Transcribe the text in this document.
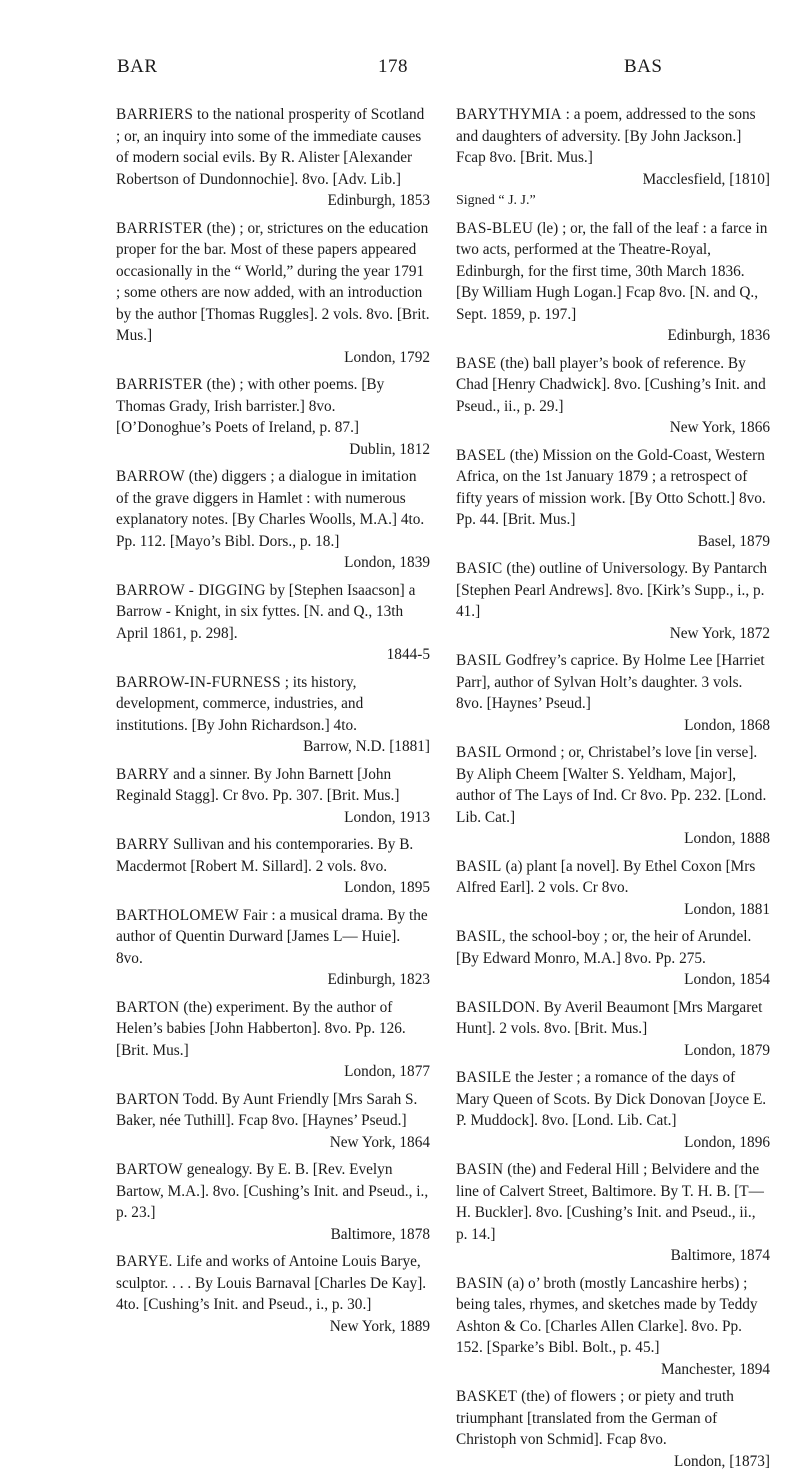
BAR	178	BAS
BARRIERS to the national prosperity of Scotland ; or, an inquiry into some of the immediate causes of modern social evils. By R. Alister [Alexander Robertson of Dundonnochie]. 8vo. [Adv. Lib.]
Edinburgh, 1853
BARRISTER (the) ; or, strictures on the education proper for the bar. Most of these papers appeared occasionally in the “ World,” during the year 1791 ; some others are now added, with an introduction by the author [Thomas Ruggles]. 2 vols. 8vo. [Brit. Mus.]
London, 1792
BARRISTER (the) ; with other poems. [By Thomas Grady, Irish barrister.] 8vo. [O’Donoghue’s Poets of Ireland, p. 87.]
Dublin, 1812
BARROW (the) diggers ; a dialogue in imitation of the grave diggers in Hamlet : with numerous explanatory notes. [By Charles Woolls, M.A.] 4to. Pp. 112. [Mayo’s Bibl. Dors., p. 18.]
London, 1839
BARROW - DIGGING by [Stephen Isaacson] a Barrow - Knight, in six fyttes. [N. and Q., 13th April 1861, p. 298].
1844-5
BARROW-IN-FURNESS ; its history, development, commerce, industries, and institutions. [By John Richardson.] 4to.
Barrow, N.D. [1881]
BARRY and a sinner. By John Barnett [John Reginald Stagg]. Cr 8vo. Pp. 307. [Brit. Mus.]
London, 1913
BARRY Sullivan and his contemporaries. By B. Macdermot [Robert M. Sillard]. 2 vols. 8vo.
London, 1895
BARTHOLOMEW Fair : a musical drama. By the author of Quentin Durward [James L— Huie]. 8vo.
Edinburgh, 1823
BARTON (the) experiment. By the author of Helen’s babies [John Habberton]. 8vo. Pp. 126. [Brit. Mus.]
London, 1877
BARTON Todd. By Aunt Friendly [Mrs Sarah S. Baker, née Tuthill]. Fcap 8vo. [Haynes’ Pseud.]
New York, 1864
BARTOW genealogy. By E. B. [Rev. Evelyn Bartow, M.A.]. 8vo. [Cushing’s Init. and Pseud., i., p. 23.]
Baltimore, 1878
BARYE. Life and works of Antoine Louis Barye, sculptor. . . . By Louis Barnaval [Charles De Kay]. 4to. [Cushing’s Init. and Pseud., i., p. 30.]
New York, 1889
BARYTHYMIA : a poem, addressed to the sons and daughters of adversity. [By John Jackson.] Fcap 8vo. [Brit. Mus.]
Macclesfield, [1810]
Signed “ J. J.”
BAS-BLEU (le) ; or, the fall of the leaf : a farce in two acts, performed at the Theatre-Royal, Edinburgh, for the first time, 30th March 1836. [By William Hugh Logan.] Fcap 8vo. [N. and Q., Sept. 1859, p. 197.]
Edinburgh, 1836
BASE (the) ball player’s book of reference. By Chad [Henry Chadwick]. 8vo. [Cushing’s Init. and Pseud., ii., p. 29.]
New York, 1866
BASEL (the) Mission on the Gold-Coast, Western Africa, on the 1st January 1879 ; a retrospect of fifty years of mission work. [By Otto Schott.] 8vo. Pp. 44. [Brit. Mus.]
Basel, 1879
BASIC (the) outline of Universology. By Pantarch [Stephen Pearl Andrews]. 8vo. [Kirk’s Supp., i., p. 41.]
New York, 1872
BASIL Godfrey’s caprice. By Holme Lee [Harriet Parr], author of Sylvan Holt’s daughter. 3 vols. 8vo. [Haynes’ Pseud.]
London, 1868
BASIL Ormond ; or, Christabel’s love [in verse]. By Aliph Cheem [Walter S. Yeldham, Major], author of The Lays of Ind. Cr 8vo. Pp. 232. [Lond. Lib. Cat.]
London, 1888
BASIL (a) plant [a novel]. By Ethel Coxon [Mrs Alfred Earl]. 2 vols. Cr 8vo.
London, 1881
BASIL, the school-boy ; or, the heir of Arundel. [By Edward Monro, M.A.] 8vo. Pp. 275.
London, 1854
BASILDON. By Averil Beaumont [Mrs Margaret Hunt]. 2 vols. 8vo. [Brit. Mus.]
London, 1879
BASILE the Jester ; a romance of the days of Mary Queen of Scots. By Dick Donovan [Joyce E. P. Muddock]. 8vo. [Lond. Lib. Cat.]
London, 1896
BASIN (the) and Federal Hill ; Belvidere and the line of Calvert Street, Baltimore. By T. H. B. [T— H. Buckler]. 8vo. [Cushing’s Init. and Pseud., ii., p. 14.]
Baltimore, 1874
BASIN (a) o’ broth (mostly Lancashire herbs) ; being tales, rhymes, and sketches made by Teddy Ashton & Co. [Charles Allen Clarke]. 8vo. Pp. 152. [Sparke’s Bibl. Bolt., p. 45.]
Manchester, 1894
BASKET (the) of flowers ; or piety and truth triumphant [translated from the German of Christoph von Schmid]. Fcap 8vo.
London, [1873]
